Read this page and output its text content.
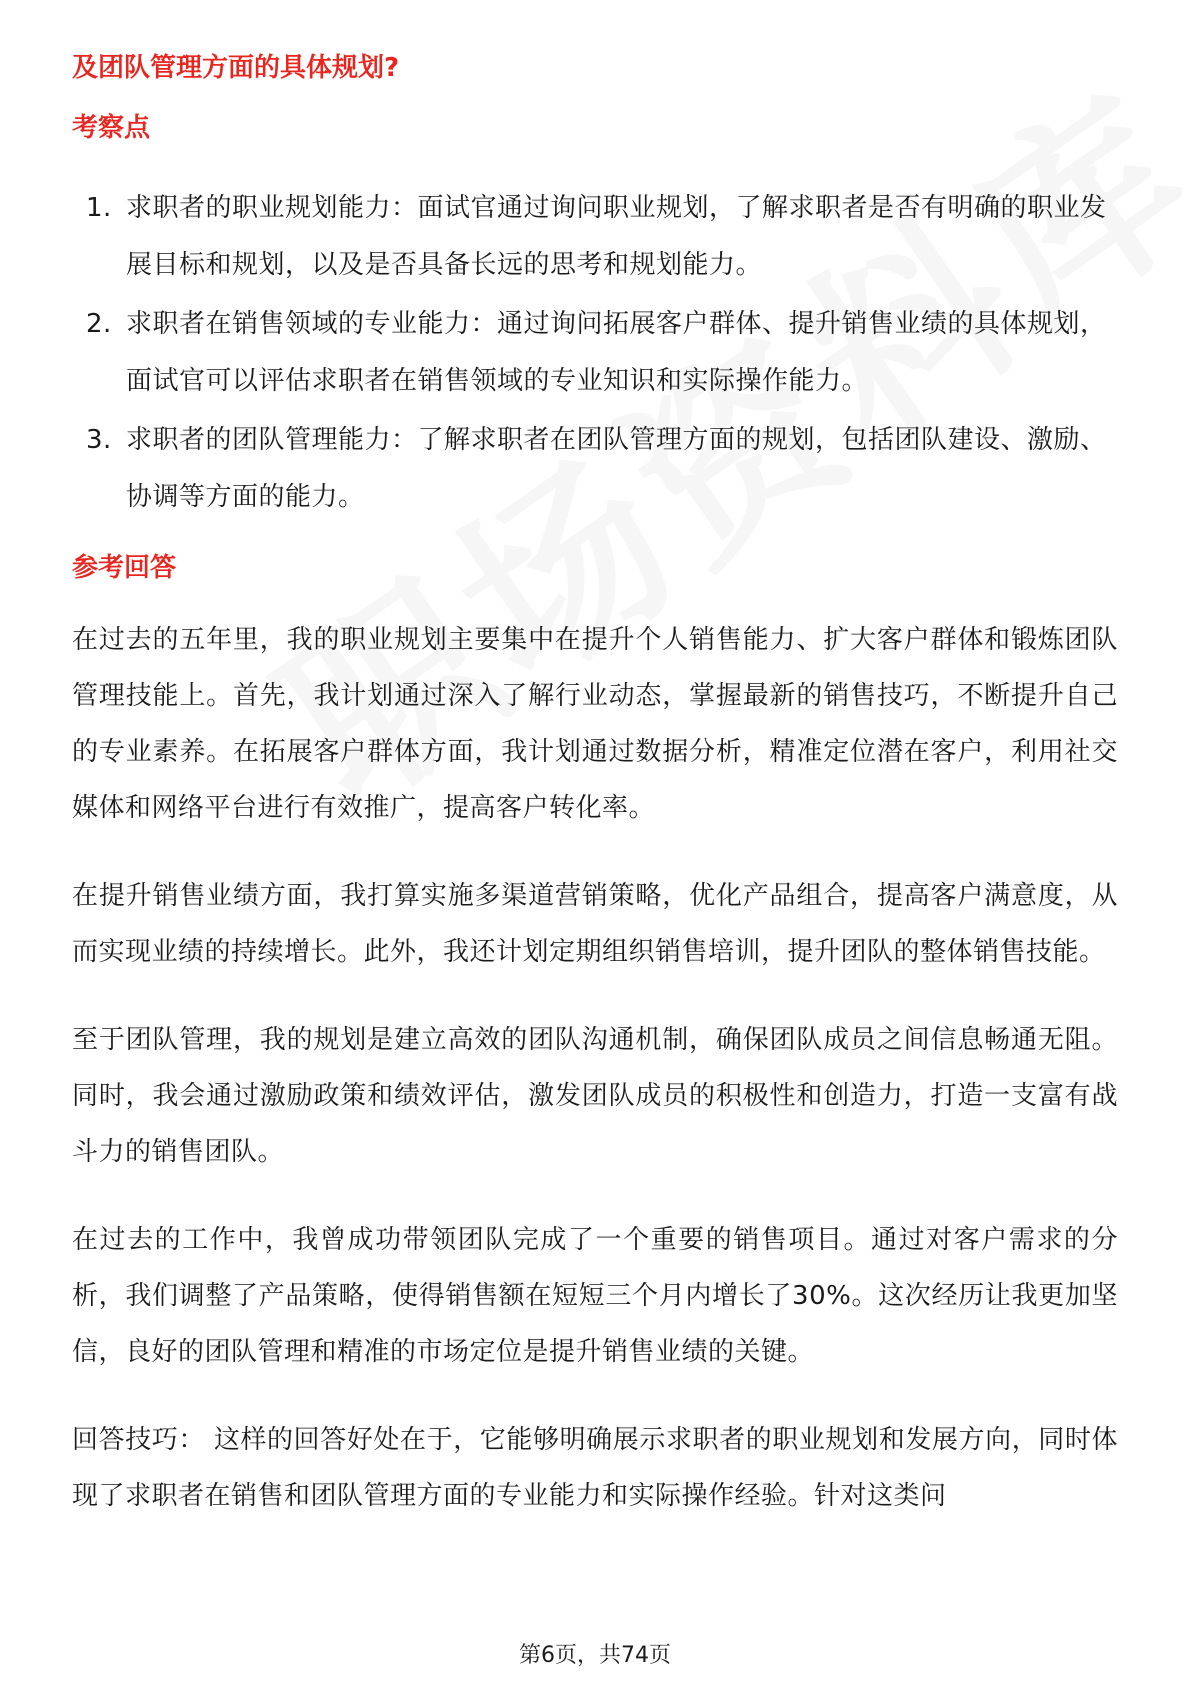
及团队管理方面的具体规划?
考察点
1. 求职者的职业规划能力：面试官通过询问职业规划，了解求职者是否有明确的职业发展目标和规划，以及是否具备长远的思考和规划能力。
2. 求职者在销售领域的专业能力：通过询问拓展客户群体、提升销售业绩的具体规划，面试官可以评估求职者在销售领域的专业知识和实际操作能力。
3. 求职者的团队管理能力：了解求职者在团队管理方面的规划，包括团队建设、激励、协调等方面的能力。
参考回答

在过去的五年里，我的职业规划主要集中在提升个人销售能力、扩大客户群体和锻炼团队管理技能上。首先，我计划通过深入了解行业动态，掌握最新的销售技巧，不断提升自己的专业素养。在拓展客户群体方面，我计划通过数据分析，精准定位潜在客户，利用社交媒体和网络平台进行有效推广，提高客户转化率。

在提升销售业绩方面，我打算实施多渠道营销策略，优化产品组合，提高客户满意度，从而实现业绩的持续增长。此外，我还计划定期组织销售培训，提升团队的整体销售技能。

至于团队管理，我的规划是建立高效的团队沟通机制，确保团队成员之间信息畅通无阻。同时，我会通过激励政策和绩效评估，激发团队成员的积极性和创造力，打造一支富有战斗力的销售团队。

在过去的工作中，我曾成功带领团队完成了一个重要的销售项目。通过对客户需求的分析，我们调整了产品策略，使得销售额在短短三个月内增长了30%。这次经历让我更加坚信，良好的团队管理和精准的市场定位是提升销售业绩的关键。

回答技巧： 这样的回答好处在于，它能够明确展示求职者的职业规划和发展方向，同时体现了求职者在销售和团队管理方面的专业能力和实际操作经验。针对这类问

第6页，共74页
